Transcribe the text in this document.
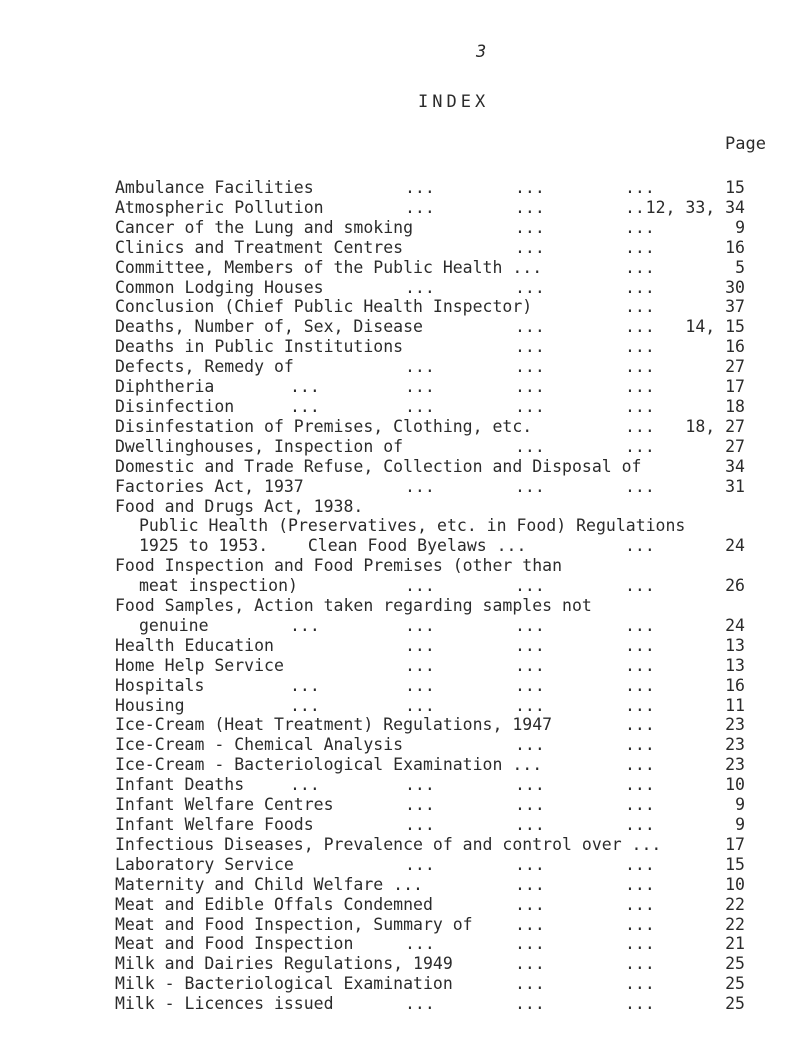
3
INDEX
Page
Ambulance Facilities	...	...	...	15
Atmospheric Pollution	...	...	.. 12, 33, 34
Cancer of the Lung and smoking	...	...	9
Clinics and Treatment Centres	...	...	16
Committee, Members of the Public Health ...	...	5
Common Lodging Houses	...	...	...	30
Conclusion (Chief Public Health Inspector)	...	37
Deaths, Number of, Sex, Disease	...	... 14, 15
Deaths in Public Institutions	...	...	16
Defects, Remedy of	...	...	...	27
Diphtheria	...	...	...	...	17
Disinfection	...	...	...	...	18
Disinfestation of Premises, Clothing, etc.	... 18, 27
Dwellinghouses, Inspection of	...	...	27
Domestic and Trade Refuse, Collection and Disposal of	34
Factories Act, 1937	...	...	...	31
Food and Drugs Act, 1938.
Public Health (Preservatives, etc. in Food) Regulations
1925 to 1953.    Clean Food Byelaws ...	...	24
Food Inspection and Food Premises (other than
meat inspection)	...	...	...	26
Food Samples, Action taken regarding samples not
genuine	...	...	...	...	24
Health Education	...	...	...	13
Home Help Service	...	...	...	13
Hospitals	...	...	...	...	16
Housing	...	...	...	...	11
Ice-Cream (Heat Treatment) Regulations, 1947	...	23
Ice-Cream - Chemical Analysis	...	...	23
Ice-Cream - Bacteriological Examination ...	...	23
Infant Deaths	...	...	...	...	10
Infant Welfare Centres	...	...	...	9
Infant Welfare Foods	...	...	...	9
Infectious Diseases, Prevalence of and control over ...	17
Laboratory Service	...	...	...	15
Maternity and Child Welfare ...	...	...	10
Meat and Edible Offals Condemned	...	...	22
Meat and Food Inspection, Summary of	...	...	22
Meat and Food Inspection	...	...	...	21
Milk and Dairies Regulations, 1949	...	...	25
Milk - Bacteriological Examination	...	...	25
Milk - Licences issued	...	...	...	25
